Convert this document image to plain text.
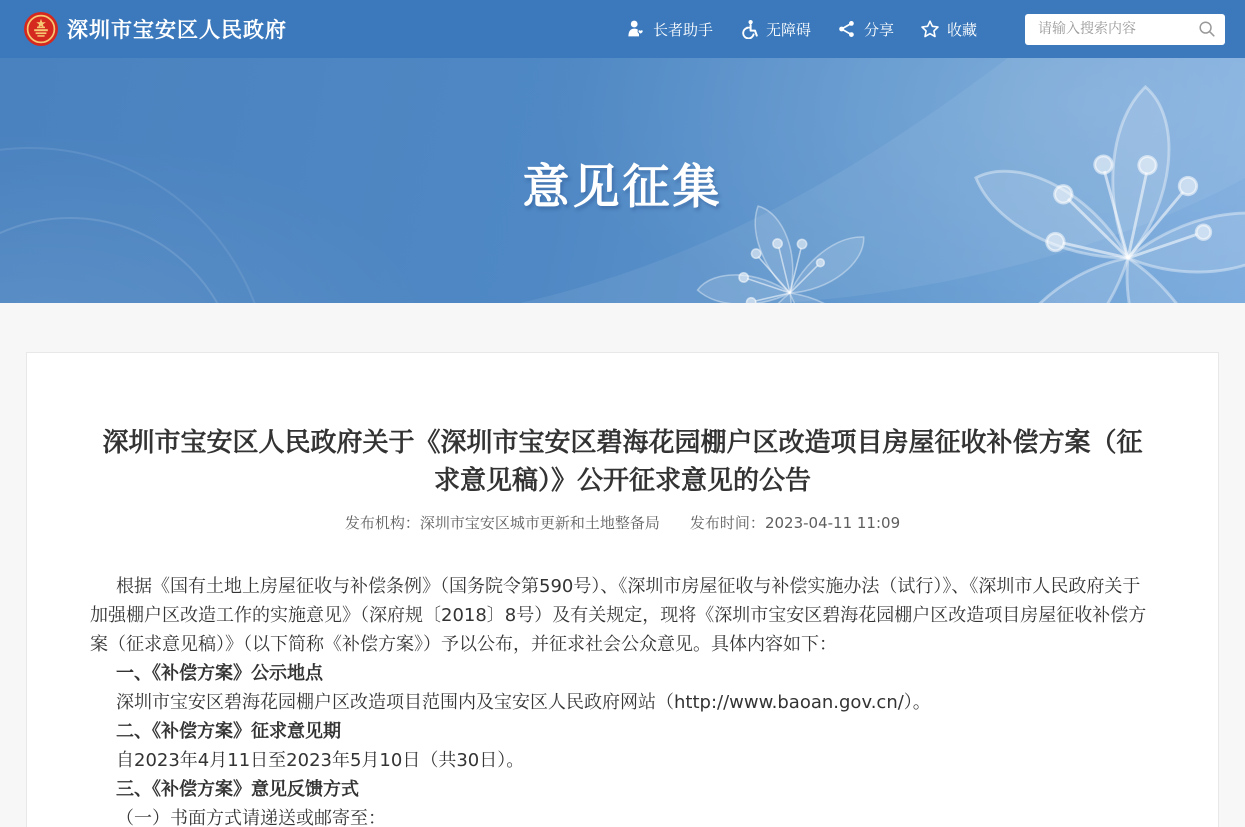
深圳市宝安区人民政府	长者助手	无障碍	分享	收藏
请输入搜索内容
意见征集
深圳市宝安区人民政府关于《深圳市宝安区碧海花园棚户区改造项目房屋征收补偿方案（征求意见稿）》公开征求意见的公告
发布机构：深圳市宝安区城市更新和土地整备局 发布时间：2023-04-11 11:09

根据《国有土地上房屋征收与补偿条例》（国务院令第590号）、《深圳市房屋征收与补偿实施办法（试行）》、《深圳市人民政府关于加强棚户区改造工作的实施意见》（深府规〔2018〕8号）及有关规定，现将《深圳市宝安区碧海花园棚户区改造项目房屋征收补偿方案（征求意见稿）》（以下简称《补偿方案》）予以公布，并征求社会公众意见。具体内容如下：

一、《补偿方案》公示地点

深圳市宝安区碧海花园棚户区改造项目范围内及宝安区人民政府网站（http://www.baoan.gov.cn/）。

二、《补偿方案》征求意见期

自2023年4月11日至2023年5月10日（共30日）。

三、《补偿方案》意见反馈方式

（一）书面方式请递送或邮寄至：
